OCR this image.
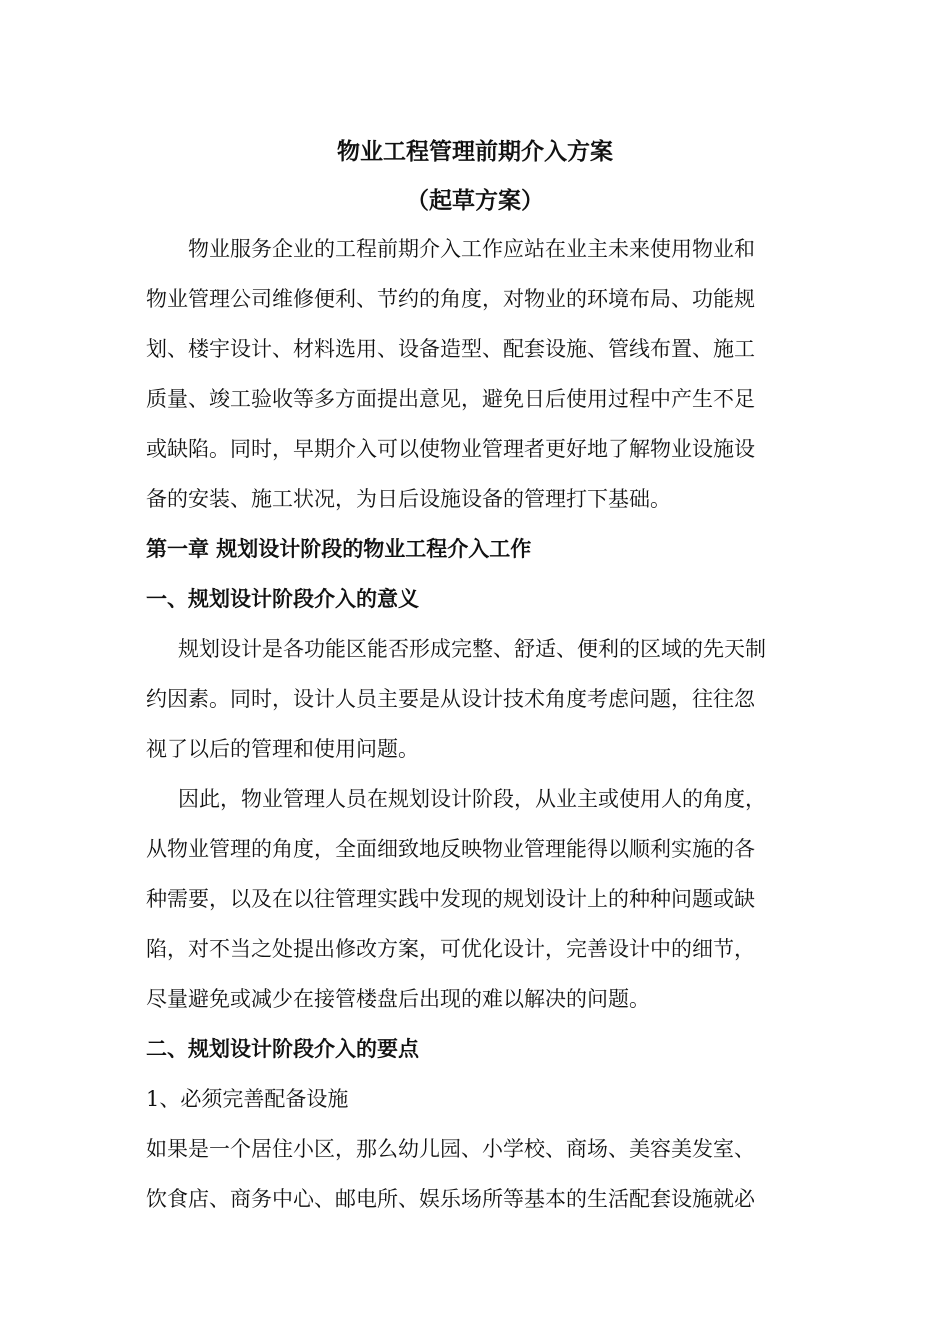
物业工程管理前期介入方案
（起草方案）
物业服务企业的工程前期介入工作应站在业主未来使用物业和
物业管理公司维修便利、节约的角度，对物业的环境布局、功能规
划、楼宇设计、材料选用、设备造型、配套设施、管线布置、施工
质量、竣工验收等多方面提出意见，避免日后使用过程中产生不足
或缺陷。同时，早期介入可以使物业管理者更好地了解物业设施设
备的安装、施工状况，为日后设施设备的管理打下基础。
第一章 规划设计阶段的物业工程介入工作
一、规划设计阶段介入的意义
规划设计是各功能区能否形成完整、舒适、便利的区域的先天制
约因素。同时，设计人员主要是从设计技术角度考虑问题，往往忽
视了以后的管理和使用问题。
因此，物业管理人员在规划设计阶段，从业主或使用人的角度，
从物业管理的角度，全面细致地反映物业管理能得以顺利实施的各
种需要，以及在以往管理实践中发现的规划设计上的种种问题或缺
陷，对不当之处提出修改方案，可优化设计，完善设计中的细节，
尽量避免或减少在接管楼盘后出现的难以解决的问题。
二、规划设计阶段介入的要点
1、必须完善配备设施
如果是一个居住小区，那么幼儿园、小学校、商场、美容美发室、
饮食店、商务中心、邮电所、娱乐场所等基本的生活配套设施就必
